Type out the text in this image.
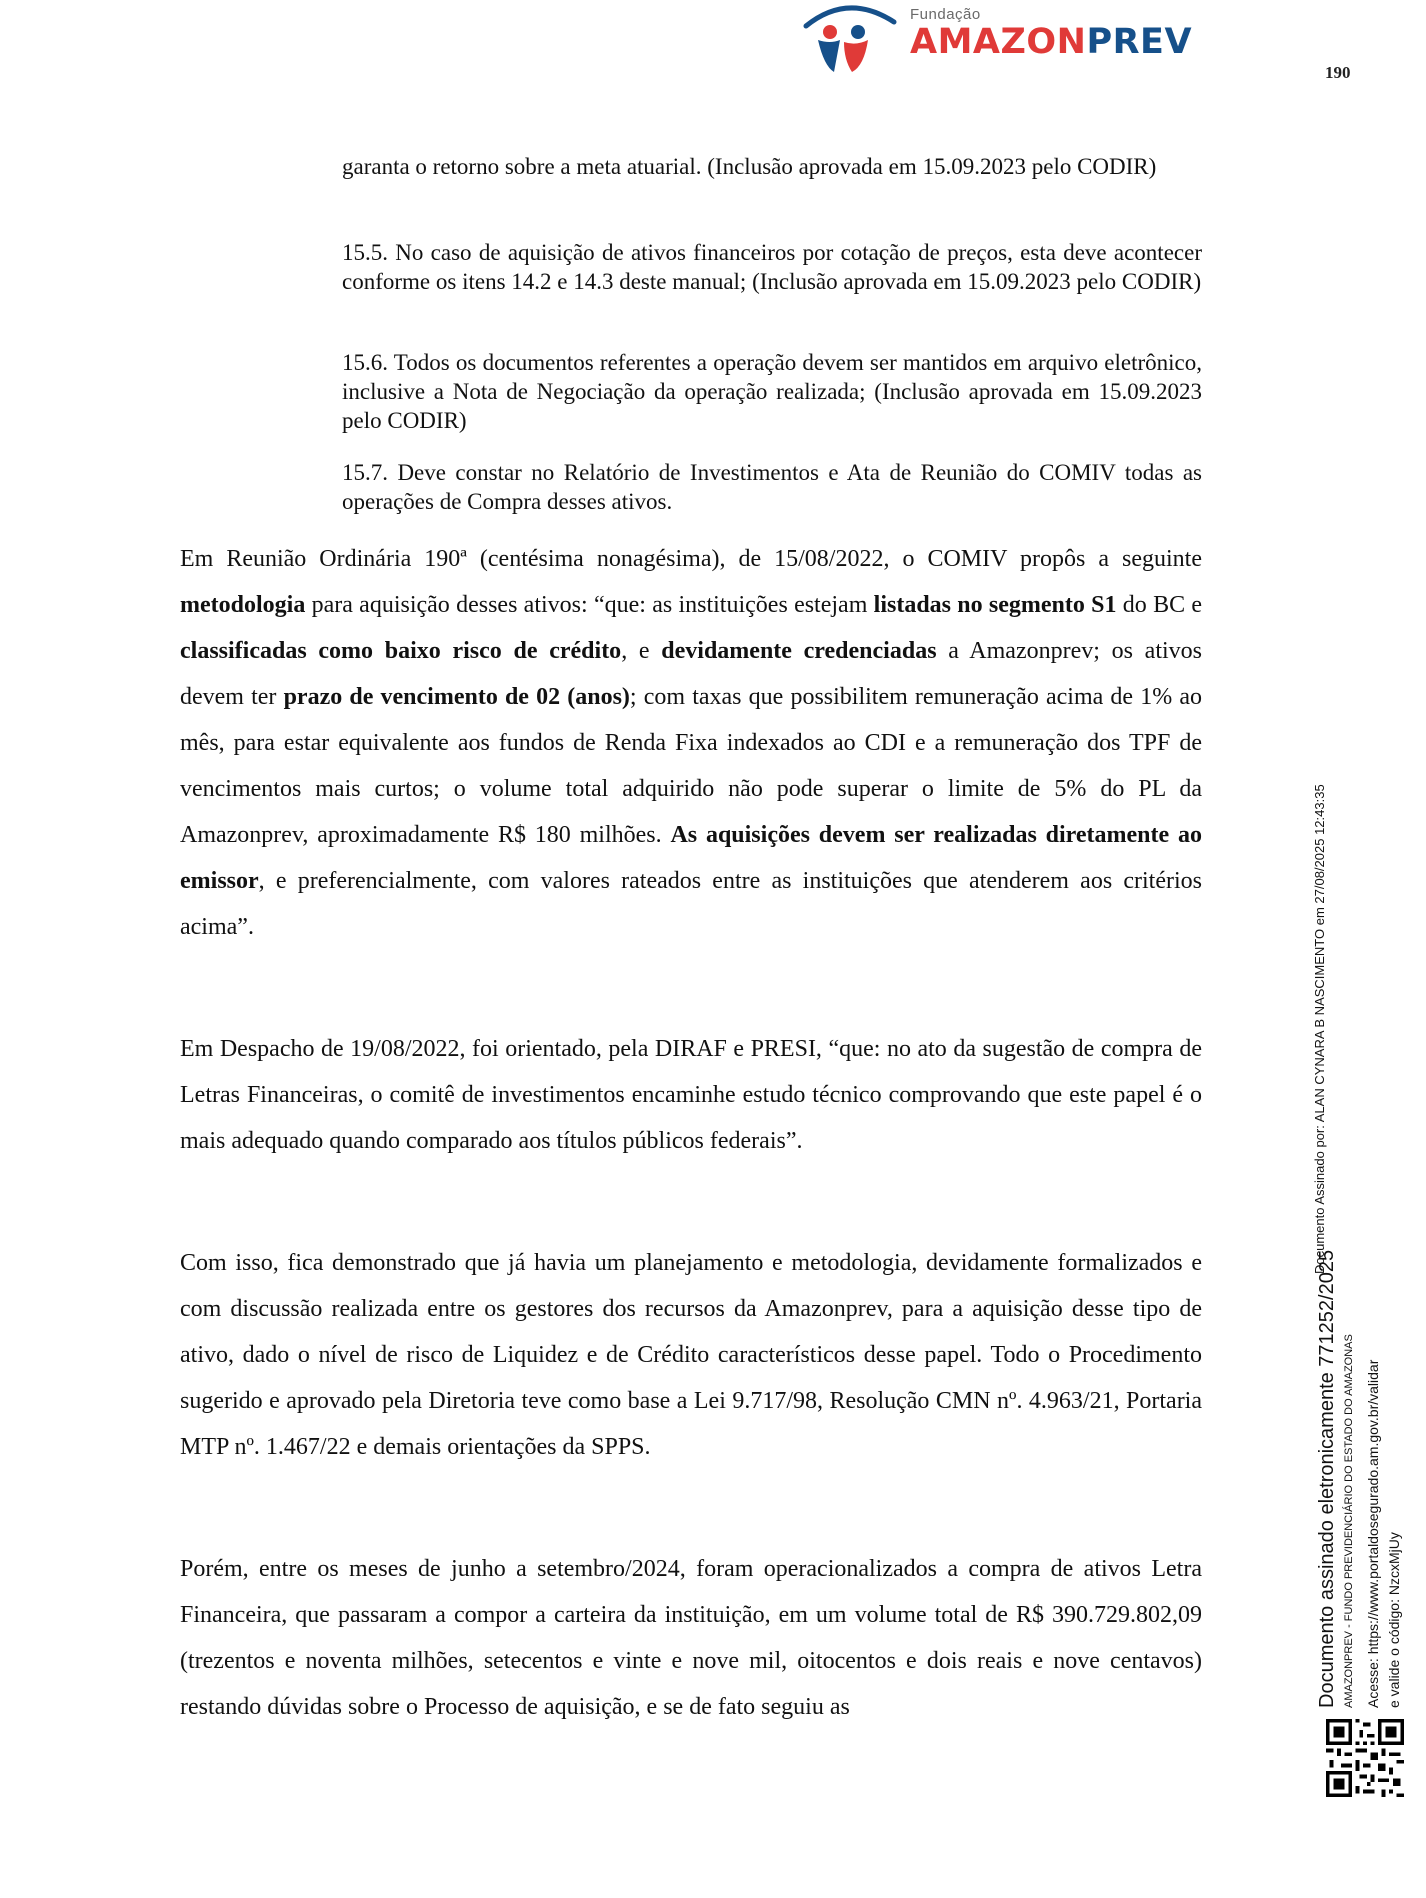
Fundação
AMAZONPREV
190

garanta o retorno sobre a meta atuarial. (Inclusão aprovada em 15.09.2023 pelo CODIR)

15.5. No caso de aquisição de ativos financeiros por cotação de preços, esta deve acontecer conforme os itens 14.2 e 14.3 deste manual; (Inclusão aprovada em 15.09.2023 pelo CODIR)

15.6. Todos os documentos referentes a operação devem ser mantidos em arquivo eletrônico, inclusive a Nota de Negociação da operação realizada; (Inclusão aprovada em 15.09.2023 pelo CODIR)

15.7. Deve constar no Relatório de Investimentos e Ata de Reunião do COMIV todas as operações de Compra desses ativos.

Em Reunião Ordinária 190ª (centésima nonagésima), de 15/08/2022, o COMIV propôs a seguinte metodologia para aquisição desses ativos: “que: as instituições estejam listadas no segmento S1 do BC e classificadas como baixo risco de crédito, e devidamente credenciadas a Amazonprev; os ativos devem ter prazo de vencimento de 02 (anos); com taxas que possibilitem remuneração acima de 1% ao mês, para estar equivalente aos fundos de Renda Fixa indexados ao CDI e a remuneração dos TPF de vencimentos mais curtos; o volume total adquirido não pode superar o limite de 5% do PL da Amazonprev, aproximadamente R$ 180 milhões. As aquisições devem ser realizadas diretamente ao emissor, e preferencialmente, com valores rateados entre as instituições que atenderem aos critérios acima”.

Em Despacho de 19/08/2022, foi orientado, pela DIRAF e PRESI, “que: no ato da sugestão de compra de Letras Financeiras, o comitê de investimentos encaminhe estudo técnico comprovando que este papel é o mais adequado quando comparado aos títulos públicos federais”.

Com isso, fica demonstrado que já havia um planejamento e metodologia, devidamente formalizados e com discussão realizada entre os gestores dos recursos da Amazonprev, para a aquisição desse tipo de ativo, dado o nível de risco de Liquidez e de Crédito característicos desse papel. Todo o Procedimento sugerido e aprovado pela Diretoria teve como base a Lei 9.717/98, Resolução CMN nº. 4.963/21, Portaria MTP nº. 1.467/22 e demais orientações da SPPS.

Porém, entre os meses de junho a setembro/2024, foram operacionalizados a compra de ativos Letra Financeira, que passaram a compor a carteira da instituição, em um volume total de R$ 390.729.802,09 (trezentos e noventa milhões, setecentos e vinte e nove mil, oitocentos e dois reais e nove centavos) restando dúvidas sobre o Processo de aquisição, e se de fato seguiu as

Documento Assinado por: ALAN CYNARA B NASCIMENTO em 27/08/2025 12:43:35
Documento assinado eletronicamente 771252/2025 AMAZONPREV - FUNDO PREVIDENCIÁRIO DO ESTADO DO AMAZONAS Acesse: https://www.portaldosegurado.am.gov.br/validar e valide o código: NzcxMjUy
